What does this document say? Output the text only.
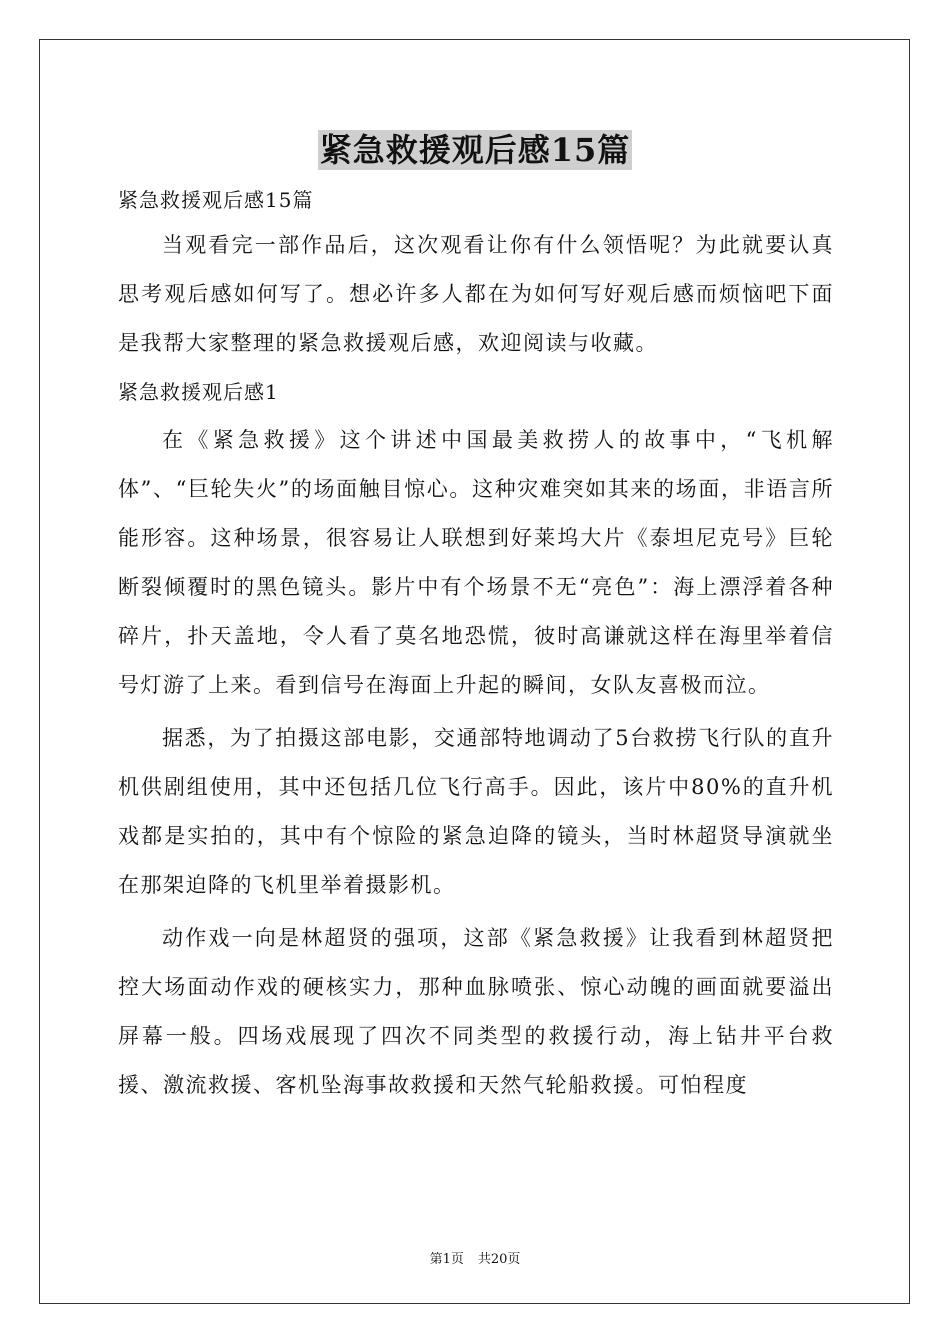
紧急救援观后感15篇
紧急救援观后感15篇

当观看完一部作品后，这次观看让你有什么领悟呢？为此就要认真思考观后感如何写了。想必许多人都在为如何写好观后感而烦恼吧下面是我帮大家整理的紧急救援观后感，欢迎阅读与收藏。

紧急救援观后感1

在《紧急救援》这个讲述中国最美救捞人的故事中，“飞机解体”、“巨轮失火”的场面触目惊心。这种灾难突如其来的场面，非语言所能形容。这种场景，很容易让人联想到好莱坞大片《泰坦尼克号》巨轮断裂倾覆时的黑色镜头。影片中有个场景不无“亮色”：海上漂浮着各种碎片，扑天盖地，令人看了莫名地恐慌，彼时高谦就这样在海里举着信号灯游了上来。看到信号在海面上升起的瞬间，女队友喜极而泣。

据悉，为了拍摄这部电影，交通部特地调动了5台救捞飞行队的直升机供剧组使用，其中还包括几位飞行高手。因此，该片中80%的直升机戏都是实拍的，其中有个惊险的紧急迫降的镜头，当时林超贤导演就坐在那架迫降的飞机里举着摄影机。

动作戏一向是林超贤的强项，这部《紧急救援》让我看到林超贤把控大场面动作戏的硬核实力，那种血脉喷张、惊心动魄的画面就要溢出屏幕一般。四场戏展现了四次不同类型的救援行动，海上钻井平台救援、激流救援、客机坠海事故救援和天然气轮船救援。可怕程度

第1页 共20页
